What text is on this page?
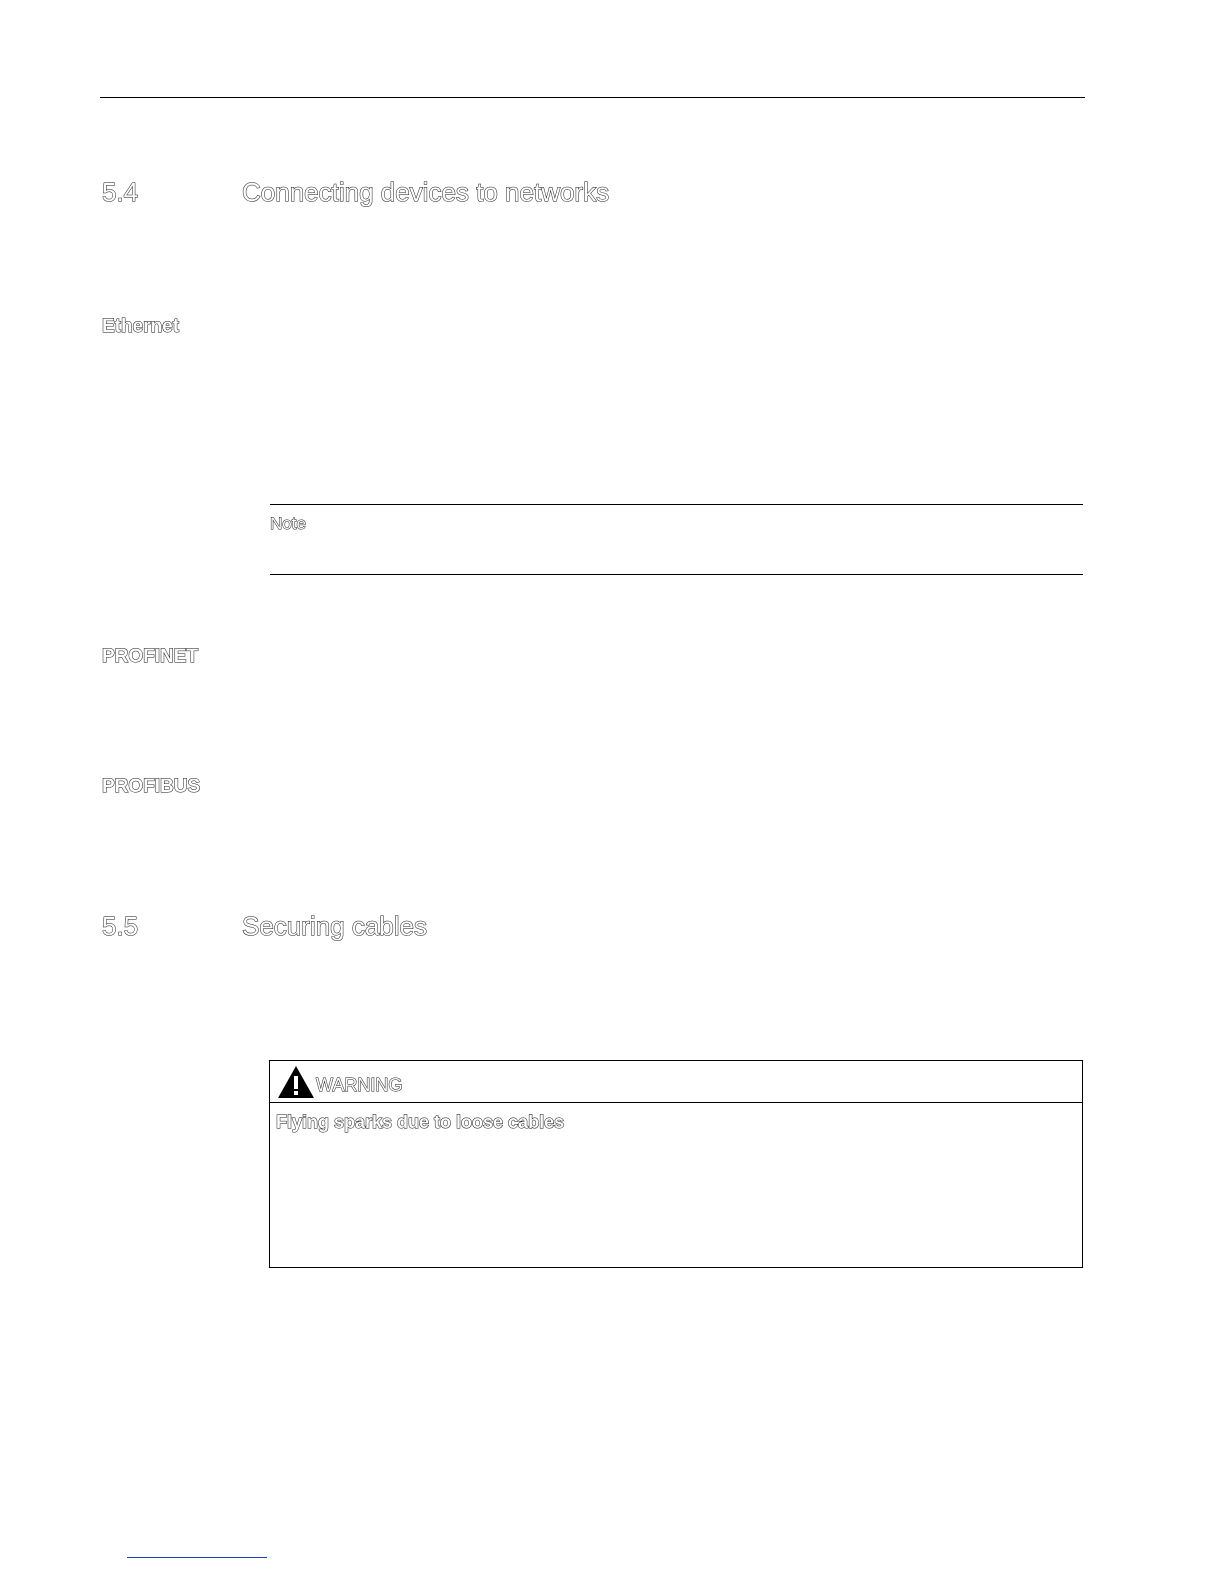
5.4	Connecting devices to networks
Ethernet
Note
PROFINET
PROFIBUS
5.5	Securing cables
WARNING
Flying sparks due to loose cables
